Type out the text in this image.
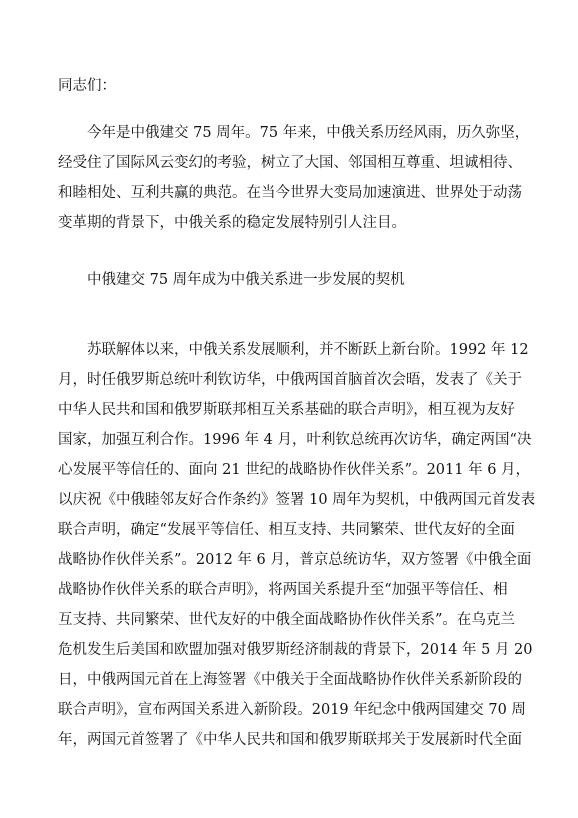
同志们：
今年是中俄建交 75 周年。75 年来，中俄关系历经风雨，历久弥坚，
经受住了国际风云变幻的考验，树立了大国、邻国相互尊重、坦诚相待、
和睦相处、互利共赢的典范。在当今世界大变局加速演进、世界处于动荡
变革期的背景下，中俄关系的稳定发展特别引人注目。
中俄建交 75 周年成为中俄关系进一步发展的契机
苏联解体以来，中俄关系发展顺利，并不断跃上新台阶。1992 年 12
月，时任俄罗斯总统叶利钦访华，中俄两国首脑首次会晤，发表了《关于
中华人民共和国和俄罗斯联邦相互关系基础的联合声明》，相互视为友好
国家，加强互利合作。1996 年 4 月，叶利钦总统再次访华，确定两国“决
心发展平等信任的、面向 21 世纪的战略协作伙伴关系”。2011 年 6 月，
以庆祝《中俄睦邻友好合作条约》签署 10 周年为契机，中俄两国元首发表
联合声明，确定“发展平等信任、相互支持、共同繁荣、世代友好的全面
战略协作伙伴关系”。2012 年 6 月，普京总统访华，双方签署《中俄全面
战略协作伙伴关系的联合声明》，将两国关系提升至“加强平等信任、相
互支持、共同繁荣、世代友好的中俄全面战略协作伙伴关系”。在乌克兰
危机发生后美国和欧盟加强对俄罗斯经济制裁的背景下，2014 年 5 月 20
日，中俄两国元首在上海签署《中俄关于全面战略协作伙伴关系新阶段的
联合声明》，宣布两国关系进入新阶段。2019 年纪念中俄两国建交 70 周
年，两国元首签署了《中华人民共和国和俄罗斯联邦关于发展新时代全面
